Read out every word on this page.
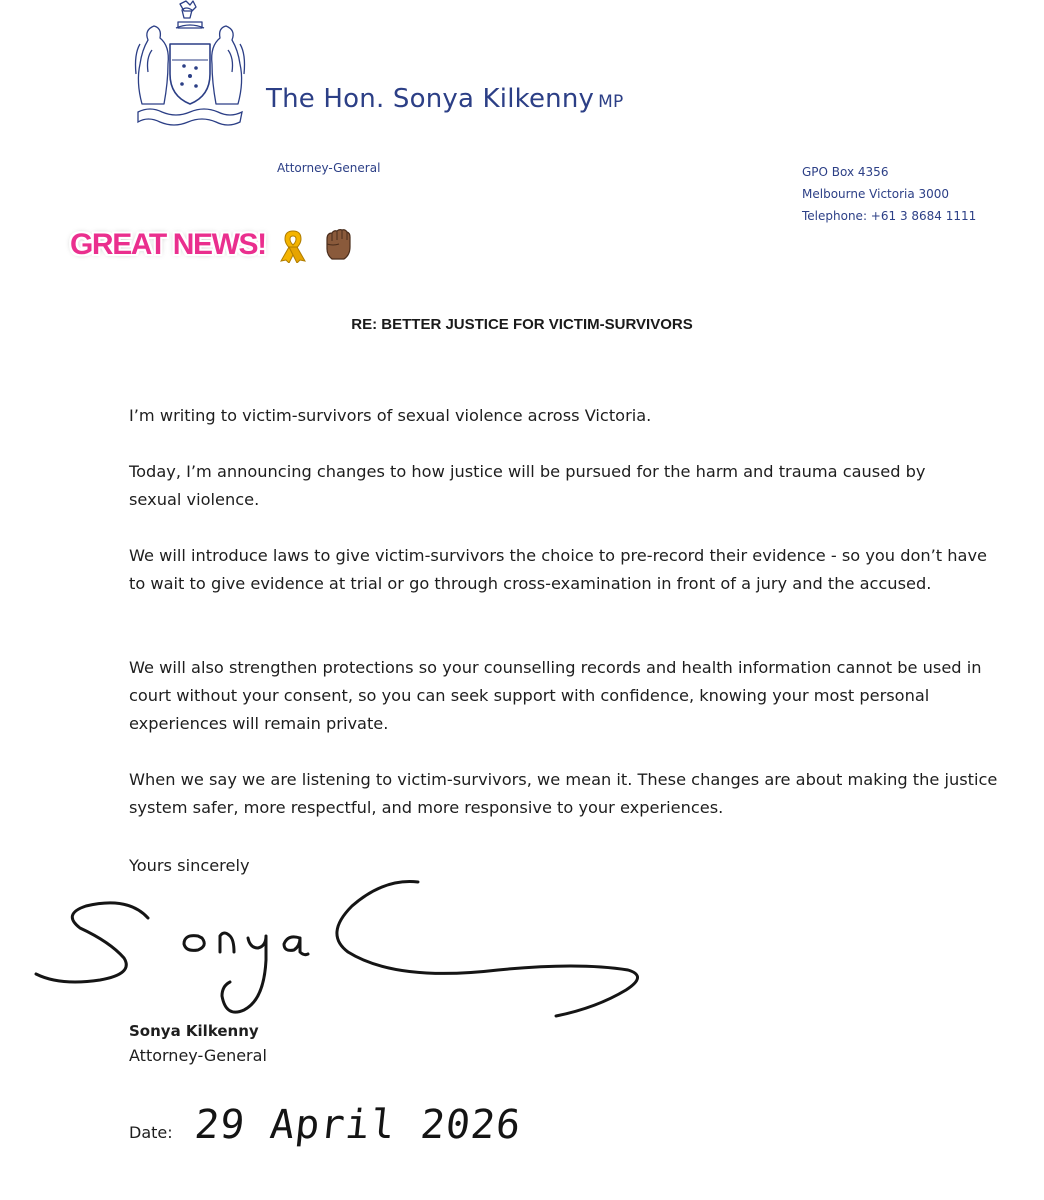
The Hon. Sonya Kilkenny MP
Attorney-General	GPO Box 4356
Melbourne Victoria 3000
Telephone: +61 3 8684 1111
GREAT NEWS!
RE: BETTER JUSTICE FOR VICTIM-SURVIVORS

I’m writing to victim-survivors of sexual violence across Victoria.

Today, I’m announcing changes to how justice will be pursued for the harm and trauma caused by sexual violence.

We will introduce laws to give victim-survivors the choice to pre-record their evidence - so you don’t have to wait to give evidence at trial or go through cross-examination in front of a jury and the accused.

We will also strengthen protections so your counselling records and health information cannot be used in court without your consent, so you can seek support with confidence, knowing your most personal experiences will remain private.

When we say we are listening to victim-survivors, we mean it. These changes are about making the justice system safer, more respectful, and more responsive to your experiences.

Yours sincerely
Sonya Kilkenny
Attorney-General
Date: 29 April 2026
